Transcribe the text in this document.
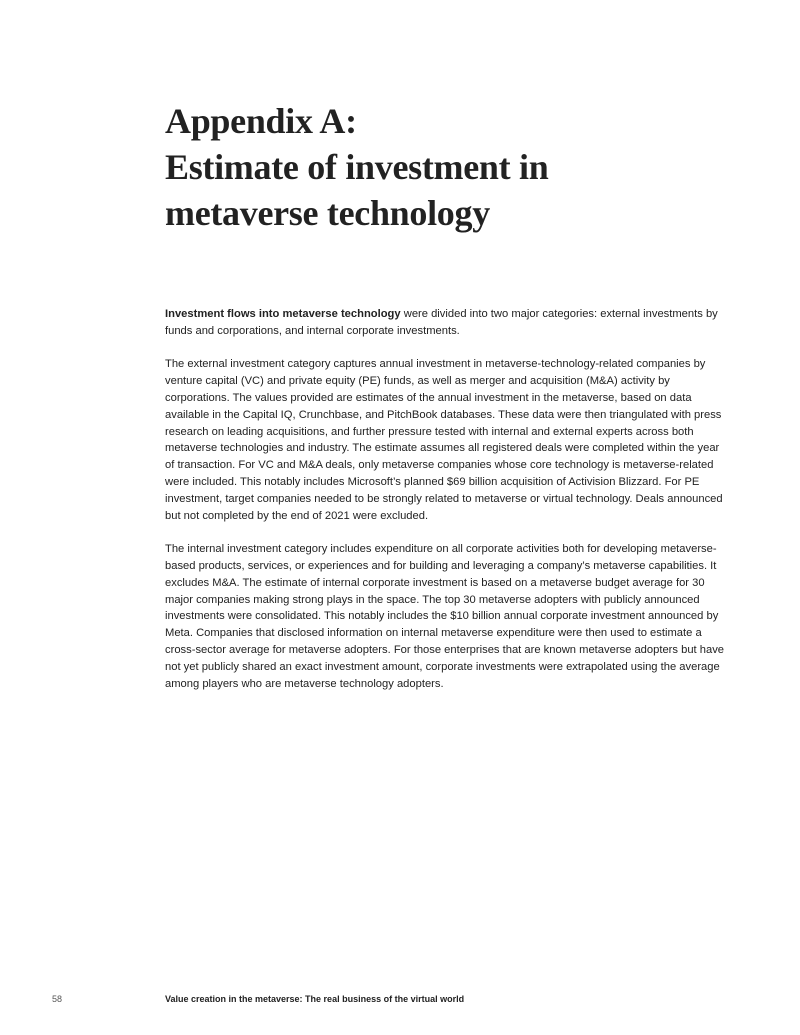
Appendix A:
Estimate of investment in
metaverse technology

Investment flows into metaverse technology were divided into two major categories: external investments by funds and corporations, and internal corporate investments.

The external investment category captures annual investment in metaverse-technology-related companies by venture capital (VC) and private equity (PE) funds, as well as merger and acquisition (M&A) activity by corporations. The values provided are estimates of the annual investment in the metaverse, based on data available in the Capital IQ, Crunchbase, and PitchBook databases. These data were then triangulated with press research on leading acquisitions, and further pressure tested with internal and external experts across both metaverse technologies and industry. The estimate assumes all registered deals were completed within the year of transaction. For VC and M&A deals, only metaverse companies whose core technology is metaverse-related were included. This notably includes Microsoft’s planned $69 billion acquisition of Activision Blizzard. For PE investment, target companies needed to be strongly related to metaverse or virtual technology. Deals announced but not completed by the end of 2021 were excluded.

The internal investment category includes expenditure on all corporate activities both for developing metaverse-based products, services, or experiences and for building and leveraging a company’s metaverse capabilities. It excludes M&A. The estimate of internal corporate investment is based on a metaverse budget average for 30 major companies making strong plays in the space. The top 30 metaverse adopters with publicly announced investments were consolidated. This notably includes the $10 billion annual corporate investment announced by Meta. Companies that disclosed information on internal metaverse expenditure were then used to estimate a cross-sector average for metaverse adopters. For those enterprises that are known metaverse adopters but have not yet publicly shared an exact investment amount, corporate investments were extrapolated using the average among players who are metaverse technology adopters.

58	Value creation in the metaverse: The real business of the virtual world
